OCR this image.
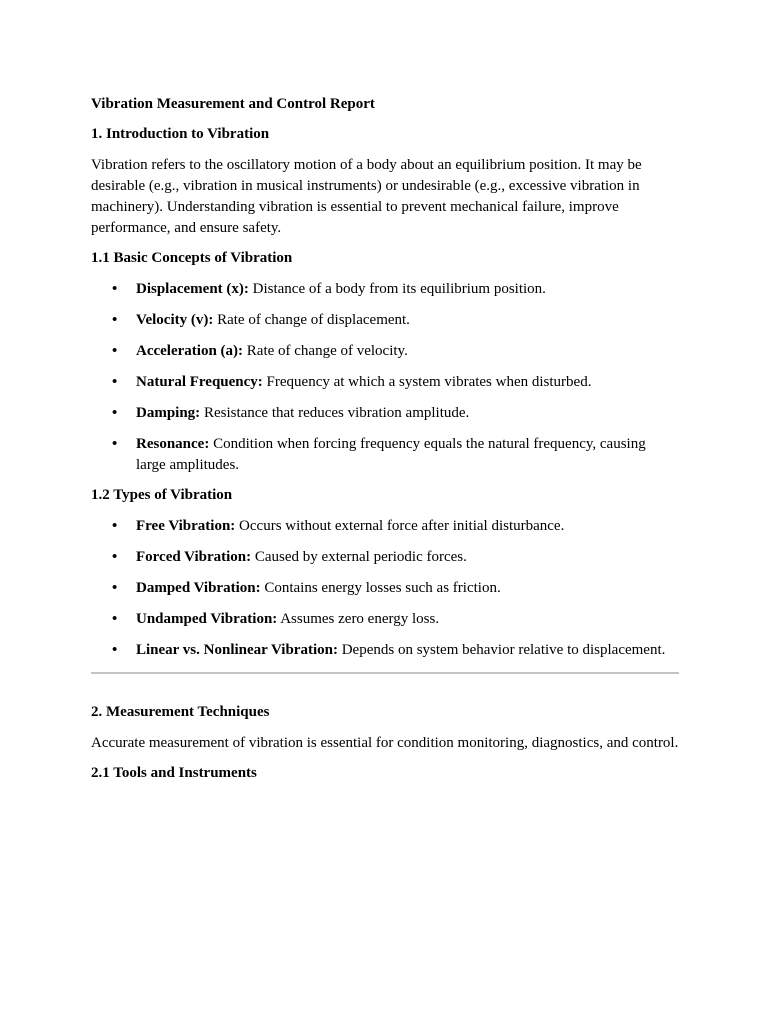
Vibration Measurement and Control Report

1. Introduction to Vibration

Vibration refers to the oscillatory motion of a body about an equilibrium position. It may be desirable (e.g., vibration in musical instruments) or undesirable (e.g., excessive vibration in machinery). Understanding vibration is essential to prevent mechanical failure, improve performance, and ensure safety.

1.1 Basic Concepts of Vibration

• Displacement (x): Distance of a body from its equilibrium position.
• Velocity (v): Rate of change of displacement.
• Acceleration (a): Rate of change of velocity.
• Natural Frequency: Frequency at which a system vibrates when disturbed.
• Damping: Resistance that reduces vibration amplitude.
• Resonance: Condition when forcing frequency equals the natural frequency, causing large amplitudes.

1.2 Types of Vibration

• Free Vibration: Occurs without external force after initial disturbance.
• Forced Vibration: Caused by external periodic forces.
• Damped Vibration: Contains energy losses such as friction.
• Undamped Vibration: Assumes zero energy loss.
• Linear vs. Nonlinear Vibration: Depends on system behavior relative to displacement.

2. Measurement Techniques

Accurate measurement of vibration is essential for condition monitoring, diagnostics, and control.

2.1 Tools and Instruments
